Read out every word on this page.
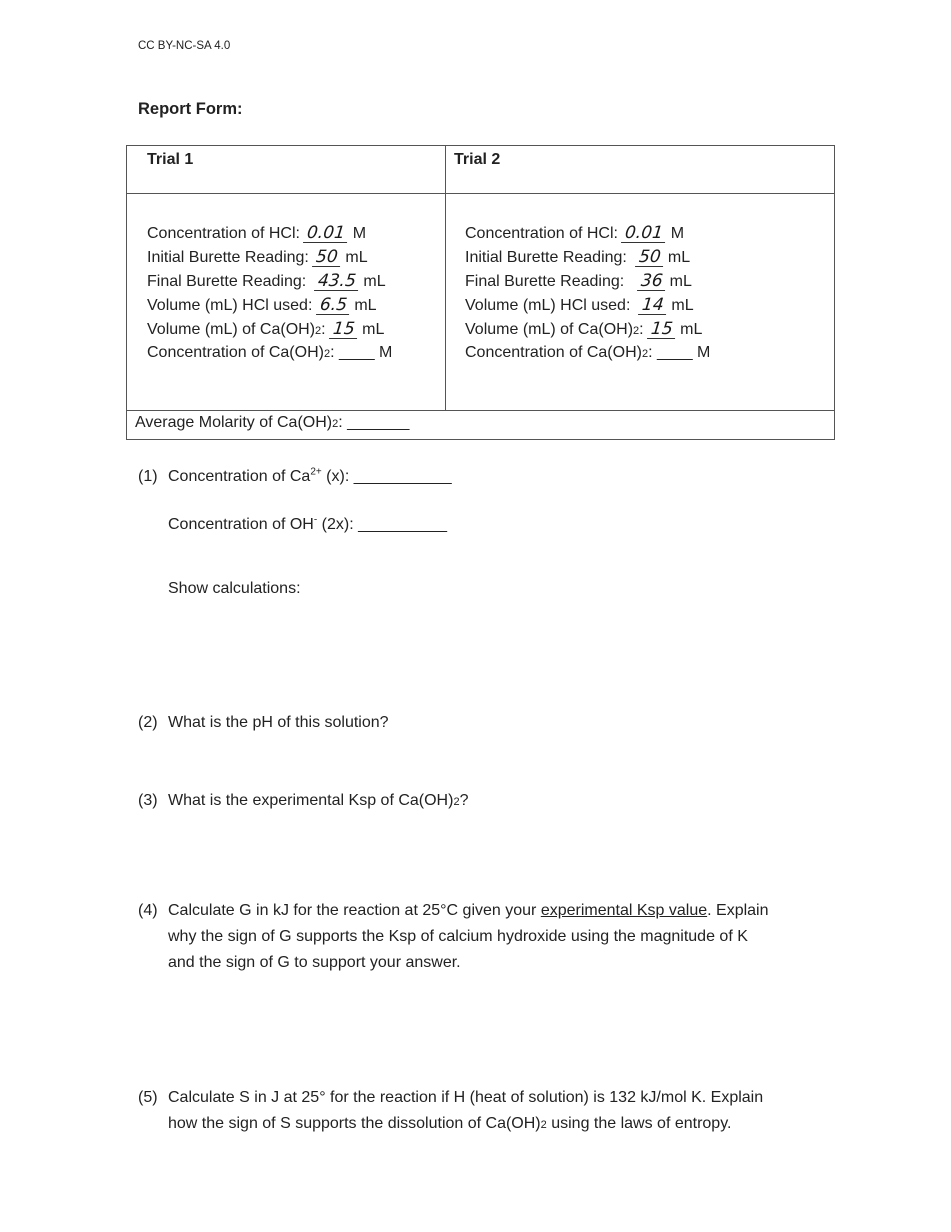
CC BY-NC-SA 4.0
Report Form:
Trial 1	Trial 2
Concentration of HCl: 0.01 M
Initial Burette Reading: 50 mL
Final Burette Reading: 43.5 mL
Volume (mL) HCl used: 6.5 mL
Volume (mL) of Ca(OH)2: 15 mL
Concentration of Ca(OH)2: ____ M
Concentration of HCl: 0.01 M
Initial Burette Reading: 50 mL
Final Burette Reading: 36 mL
Volume (mL) HCl used: 14 mL
Volume (mL) of Ca(OH)2: 15 mL
Concentration of Ca(OH)2: ____ M
Average Molarity of Ca(OH)2: _______
(1) Concentration of $Ca^{2+}$ (x): ___________
Concentration of OH- (2x): __________
Show calculations:
(2) What is the pH of this solution?
(3) What is the experimental Ksp of Ca(OH)2?
(4) Calculate G in kJ for the reaction at 25°C given your experimental Ksp value. Explain
why the sign of G supports the Ksp of calcium hydroxide using the magnitude of K
and the sign of G to support your answer.
(5) Calculate S in J at 25° for the reaction if H (heat of solution) is 132 kJ/mol K. Explain
how the sign of S supports the dissolution of Ca(OH)2 using the laws of entropy.
